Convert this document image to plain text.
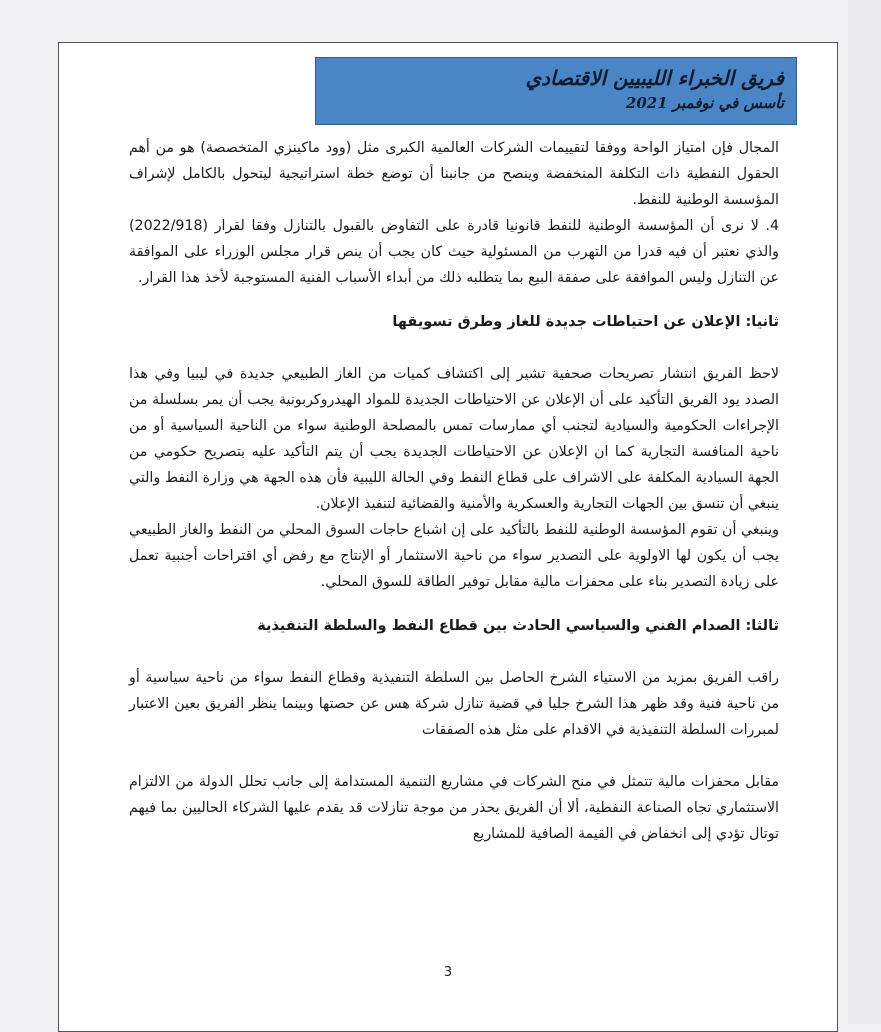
فريق الخبراء الليبيين الاقتصادي
تأسس في نوفمبر 2021

المجال فإن امتياز الواحة ووفقا لتقييمات الشركات العالمية الكبرى مثل (وود ماكينزي المتخصصة) هو من أهم الحقول النفطية ذات التكلفة المنخفضة وينصح من جانبنا أن توضع خطة استراتيجية ليتحول بالكامل لإشراف المؤسسة الوطنية للنفط.

4. لا نرى أن المؤسسة الوطنية للنفط قانونيا قادرة على التفاوض بالقبول بالتنازل وفقا لقرار (2022/918) والذي نعتبر أن فيه قدرا من التهرب من المسئولية حيث كان يجب أن ينص قرار مجلس الوزراء على الموافقة عن التنازل وليس الموافقة على صفقة البيع بما يتطلبه ذلك من أبداء الأسباب الفنية المستوجبة لأخذ هذا القرار.

ثانيا: الإعلان عن احتياطات جديدة للغاز وطرق تسويقها

لاحظ الفريق انتشار تصريحات صحفية تشير إلى اكتشاف كميات من الغاز الطبيعي جديدة في ليبيا وفي هذا الصدد يود الفريق التأكيد على أن الإعلان عن الاحتياطات الجديدة للمواد الهيدروكربونية يجب أن يمر بسلسلة من الإجراءات الحكومية والسيادية لتجنب أي ممارسات تمس بالمصلحة الوطنية سواء من الناحية السياسية أو من ناحية المنافسة التجارية كما ان الإعلان عن الاحتياطات الجديدة يجب أن يتم التأكيد عليه بتصريح حكومي من الجهة السيادية المكلفة على الاشراف على قطاع النفط وفي الحالة الليبية فأن هذه الجهة هي وزارة النفط والتي ينبغي أن تنسق بين الجهات التجارية والعسكرية والأمنية والقضائية لتنفيذ الإعلان.

وينبغي أن تقوم المؤسسة الوطنية للنفط بالتأكيد على إن اشباع حاجات السوق المحلي من النفط والغاز الطبيعي يجب أن يكون لها الاولوية على التصدير سواء من ناحية الاستثمار أو الإنتاج مع رفض أي اقتراحات أجنبية تعمل على زيادة التصدير بناء على محفزات مالية مقابل توفير الطاقة للسوق المحلي.

ثالثا: الصدام الفني والسياسي الحادث بين قطاع النفط والسلطة التنفيذية

راقب الفريق بمزيد من الاستياء الشرخ الحاصل بين السلطة التنفيذية وقطاع النفط سواء من ناحية سياسية أو من ناحية فنية وقد ظهر هذا الشرخ جليا في قضية تنازل شركة هس عن حصتها وبينما ينظر الفريق بعين الاعتبار لمبررات السلطة التنفيذية في الاقدام على مثل هذه الصفقات

مقابل محفزات مالية تتمثل في منح الشركات في مشاريع التنمية المستدامة إلى جانب تحلل الدولة من الالتزام الاستثماري تجاه الصناعة النفطية، ألا أن الفريق يحذر من موجة تنازلات قد يقدم عليها الشركاء الحاليين بما فيهم توتال تؤدي إلى انخفاض في القيمة الصافية للمشاريع

3
